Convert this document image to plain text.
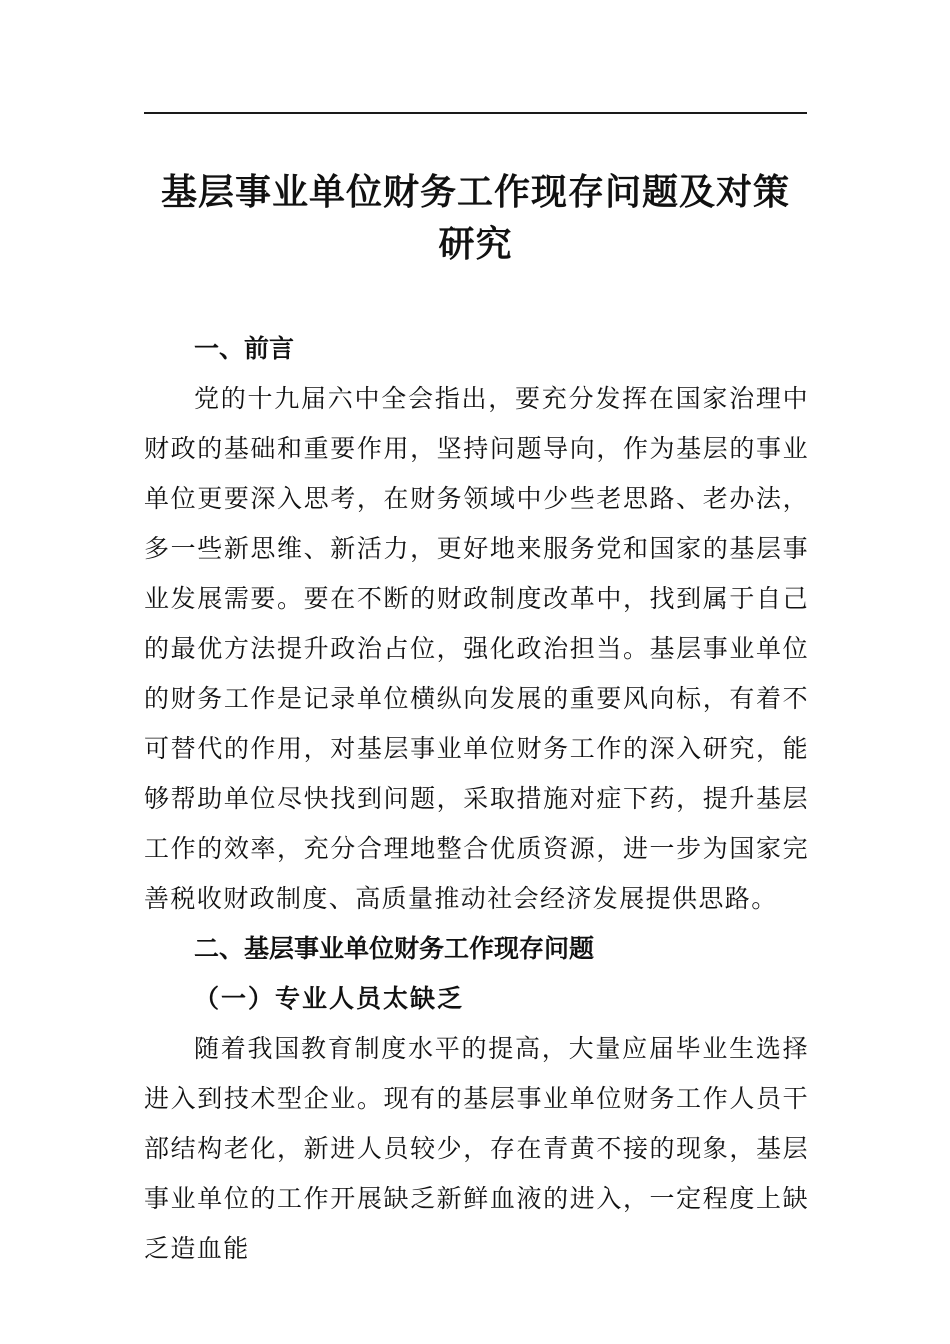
基层事业单位财务工作现存问题及对策研究
一、前言

党的十九届六中全会指出，要充分发挥在国家治理中财政的基础和重要作用，坚持问题导向，作为基层的事业单位更要深入思考，在财务领域中少些老思路、老办法，多一些新思维、新活力，更好地来服务党和国家的基层事业发展需要。要在不断的财政制度改革中，找到属于自己的最优方法提升政治占位，强化政治担当。基层事业单位的财务工作是记录单位横纵向发展的重要风向标，有着不可替代的作用，对基层事业单位财务工作的深入研究，能够帮助单位尽快找到问题，采取措施对症下药，提升基层工作的效率，充分合理地整合优质资源，进一步为国家完善税收财政制度、高质量推动社会经济发展提供思路。

二、基层事业单位财务工作现存问题
（一）专业人员太缺乏

随着我国教育制度水平的提高，大量应届毕业生选择进入到技术型企业。现有的基层事业单位财务工作人员干部结构老化，新进人员较少，存在青黄不接的现象，基层事业单位的工作开展缺乏新鲜血液的进入，一定程度上缺乏造血能
